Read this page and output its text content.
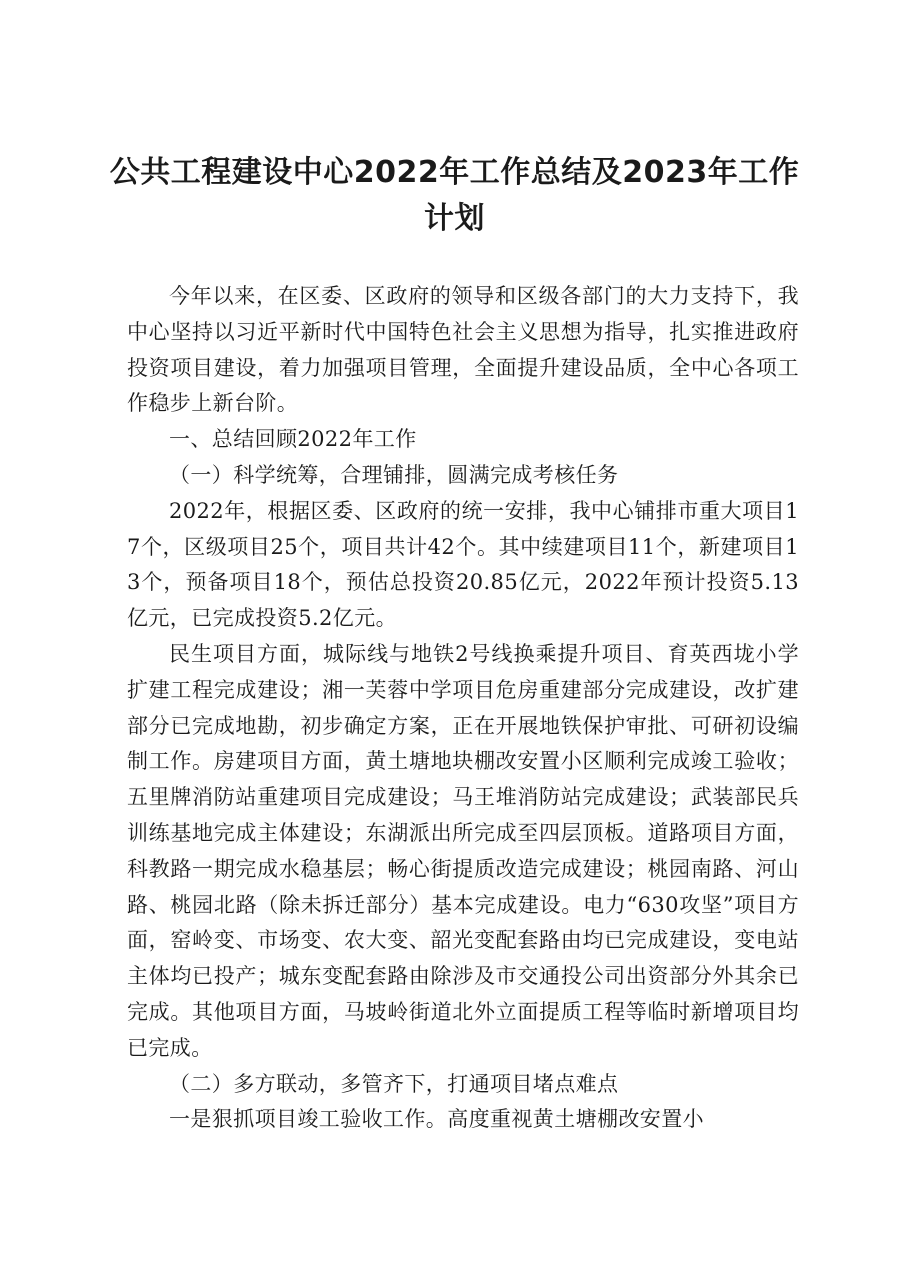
公共工程建设中心2022年工作总结及2023年工作计划

今年以来，在区委、区政府的领导和区级各部门的大力支持下，我中心坚持以习近平新时代中国特色社会主义思想为指导，扎实推进政府投资项目建设，着力加强项目管理，全面提升建设品质，全中心各项工作稳步上新台阶。

一、总结回顾2022年工作

（一）科学统筹，合理铺排，圆满完成考核任务

2022年，根据区委、区政府的统一安排，我中心铺排市重大项目17个，区级项目25个，项目共计42个。其中续建项目11个，新建项目13个，预备项目18个，预估总投资20.85亿元，2022年预计投资5.13亿元，已完成投资5.2亿元。

民生项目方面，城际线与地铁2号线换乘提升项目、育英西垅小学扩建工程完成建设；湘一芙蓉中学项目危房重建部分完成建设，改扩建部分已完成地勘，初步确定方案，正在开展地铁保护审批、可研初设编制工作。房建项目方面，黄土塘地块棚改安置小区顺利完成竣工验收；五里牌消防站重建项目完成建设；马王堆消防站完成建设；武装部民兵训练基地完成主体建设；东湖派出所完成至四层顶板。道路项目方面，科教路一期完成水稳基层；畅心街提质改造完成建设；桃园南路、河山路、桃园北路（除未拆迁部分）基本完成建设。电力“630攻坚”项目方面，窑岭变、市场变、农大变、韶光变配套路由均已完成建设，变电站主体均已投产；城东变配套路由除涉及市交通投公司出资部分外其余已完成。其他项目方面，马坡岭街道北外立面提质工程等临时新增项目均已完成。

（二）多方联动，多管齐下，打通项目堵点难点

一是狠抓项目竣工验收工作。高度重视黄土塘棚改安置小
